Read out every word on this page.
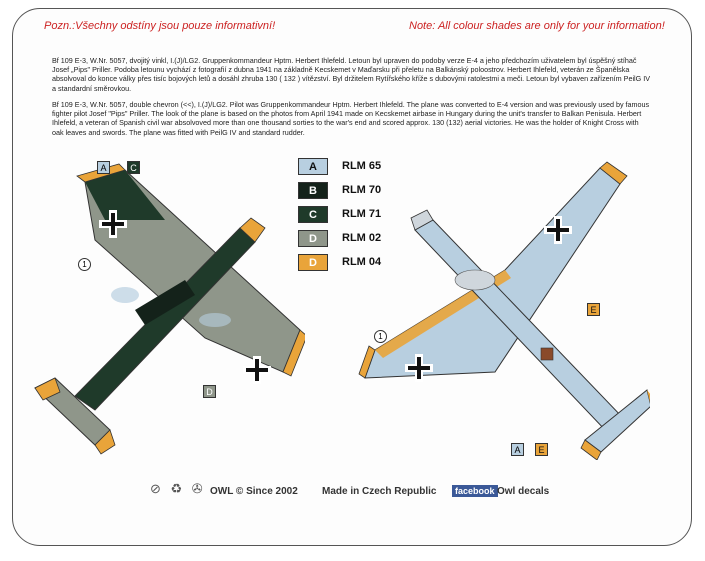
Pozn.:Všechny odstíny jsou pouze informativní!	Note: All colour shades are only for your information!

Bf 109 E-3, W.Nr. 5057, dvojitý vinkl, I.(J)/LG2. Gruppenkommandeur Hptm. Herbert Ihlefeld. Letoun byl upraven do podoby verze E-4 a jeho předchozím uživatelem byl úspěšný stíhač Josef „Pips" Priller. Podoba letounu vychází z fotografií z dubna 1941 na základně Kecskemet v Maďarsku při přeletu na Balkánský poloostrov. Herbert Ihlefeld, veterán ze Španělska absolvoval do konce války přes tisíc bojových letů a dosáhl zhruba 130 ( 132 ) vítězství. Byl držitelem Rytířského kříže s dubovými ratolestmi a meči. Letoun byl vybaven zařízením PeilG IV a standardní směrovkou.

Bf 109 E-3, W.Nr. 5057, double chevron (<<), I.(J)/LG2. Pilot was Gruppenkommandeur Hptm. Herbert Ihlefeld. The plane was converted to E-4 version and was previously used by famous fighter pilot Josef "Pips" Priller. The look of the plane is based on the photos from April 1941 made on Kecskemet airbase in Hungary during the unit's transfer to Balkan Penisula. Herbert Ihlefeld, a veteran of Spanish civil war absolvoved more than one thousand sorties to the war's end and scored approx. 130 (132) aerial victories. He was the holder of Knight Cross with oak leaves and swords. The plane was fitted with PeilG IV and standard rudder.

A	C
D
1
A	RLM 65
B	RLM 70
C	RLM 71
D	RLM 02
D	RLM 04
1
A	E
E
⊘ ♻ ✇ OWL © Since 2002 Made in Czech Republic	facebook Owl decals
